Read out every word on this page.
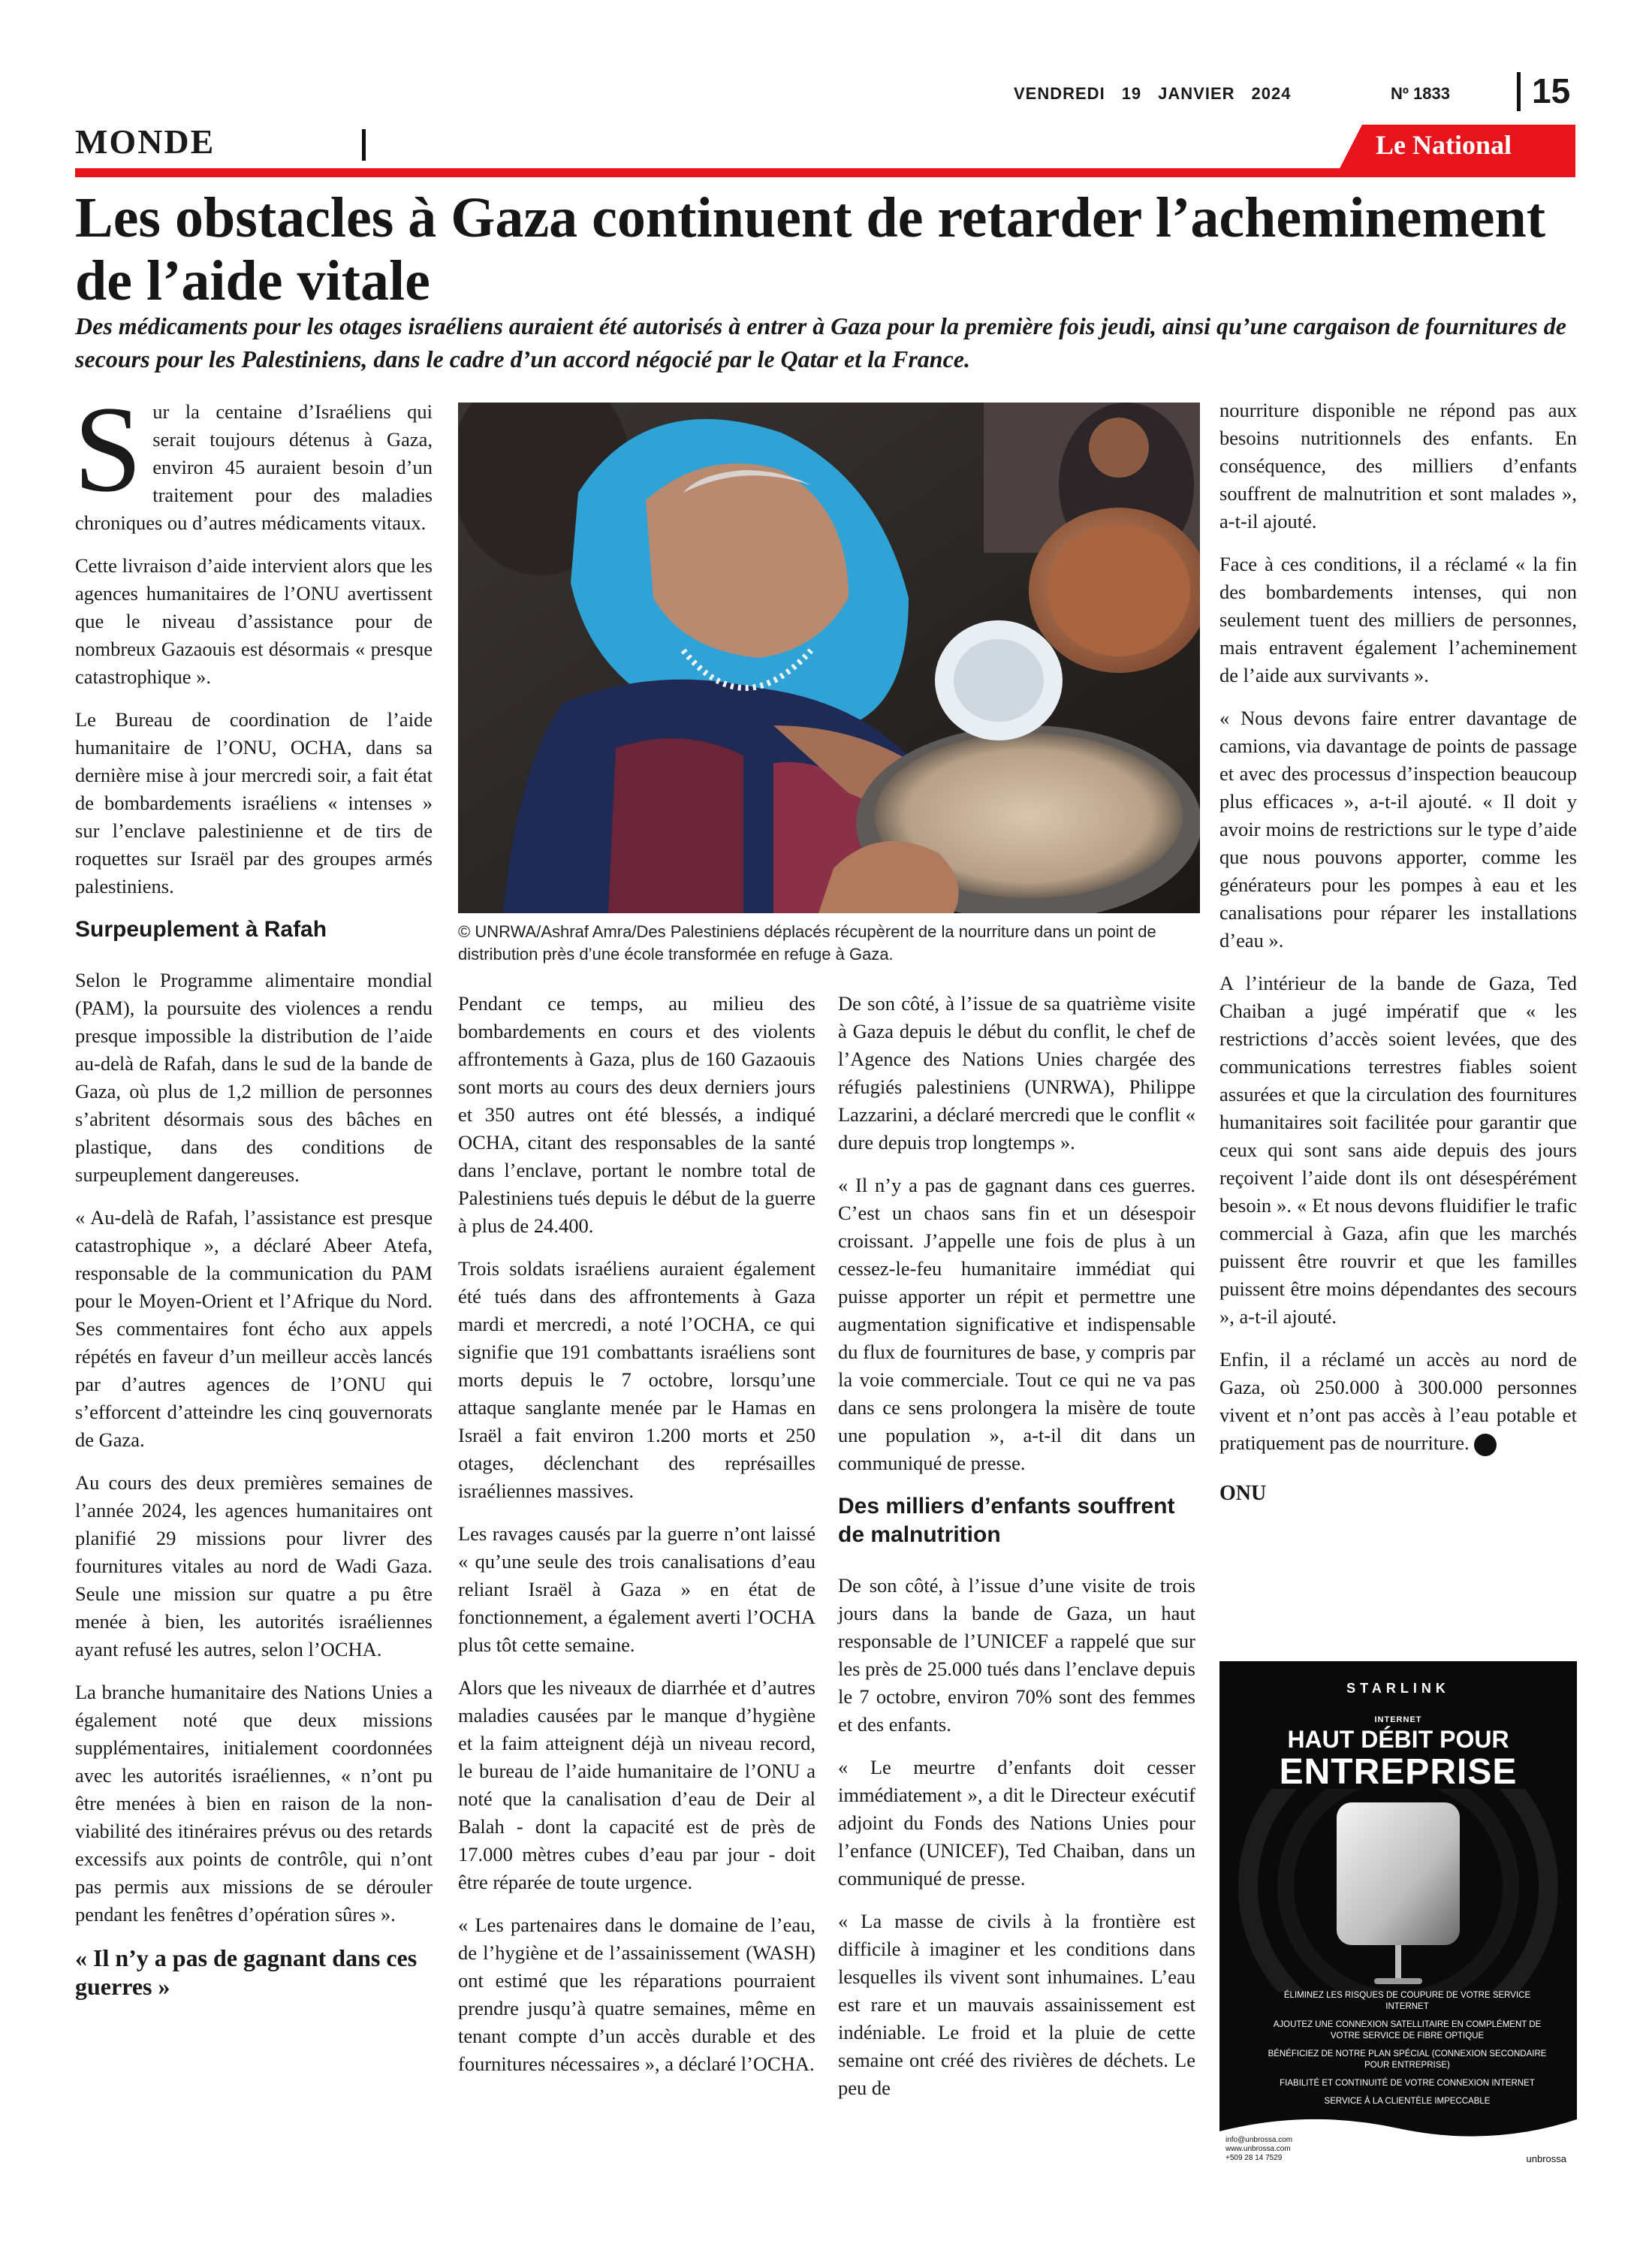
VENDREDI 19 JANVIER 2024	Nº 1833 15
MONDE	Le National
Les obstacles à Gaza continuent de retarder l’acheminement de l’aide vitale

Des médicaments pour les otages israéliens auraient été autorisés à entrer à Gaza pour la première fois jeudi, ainsi qu’une cargaison de fournitures de secours pour les Palestiniens, dans le cadre d’un accord négocié par le Qatar et la France.

Sur la centaine d’Israéliens qui serait toujours détenus à Gaza, environ 45 auraient besoin d’un traitement pour des maladies chroniques ou d’autres médicaments vitaux.

Cette livraison d’aide intervient alors que les agences humanitaires de l’ONU avertissent que le niveau d’assistance pour de nombreux Gazaouis est désormais « presque catastrophique ».

Le Bureau de coordination de l’aide humanitaire de l’ONU, OCHA, dans sa dernière mise à jour mercredi soir, a fait état de bombardements israéliens « intenses » sur l’enclave palestinienne et de tirs de roquettes sur Israël par des groupes armés palestiniens.

Surpeuplement à Rafah

Selon le Programme alimentaire mondial (PAM), la poursuite des violences a rendu presque impossible la distribution de l’aide au-delà de Rafah, dans le sud de la bande de Gaza, où plus de 1,2 million de personnes s’abritent désormais sous des bâches en plastique, dans des conditions de surpeuplement dangereuses.

« Au-delà de Rafah, l’assistance est presque catastrophique », a déclaré Abeer Atefa, responsable de la communication du PAM pour le Moyen-Orient et l’Afrique du Nord. Ses commentaires font écho aux appels répétés en faveur d’un meilleur accès lancés par d’autres agences de l’ONU qui s’efforcent d’atteindre les cinq gouvernorats de Gaza.

Au cours des deux premières semaines de l’année 2024, les agences humanitaires ont planifié 29 missions pour livrer des fournitures vitales au nord de Wadi Gaza. Seule une mission sur quatre a pu être menée à bien, les autorités israéliennes ayant refusé les autres, selon l’OCHA.

La branche humanitaire des Nations Unies a également noté que deux missions supplémentaires, initialement coordonnées avec les autorités israéliennes, « n’ont pu être menées à bien en raison de la non-viabilité des itinéraires prévus ou des retards excessifs aux points de contrôle, qui n’ont pas permis aux missions de se dérouler pendant les fenêtres d’opération sûres ».

« Il n’y a pas de gagnant dans ces guerres »
© UNRWA/Ashraf Amra/Des Palestiniens déplacés récupèrent de la nourriture dans un point de distribution près d’une école transformée en refuge à Gaza.

Pendant ce temps, au milieu des bombardements en cours et des violents affrontements à Gaza, plus de 160 Gazaouis sont morts au cours des deux derniers jours et 350 autres ont été blessés, a indiqué OCHA, citant des responsables de la santé dans l’enclave, portant le nombre total de Palestiniens tués depuis le début de la guerre à plus de 24.400.

Trois soldats israéliens auraient également été tués dans des affrontements à Gaza mardi et mercredi, a noté l’OCHA, ce qui signifie que 191 combattants israéliens sont morts depuis le 7 octobre, lorsqu’une attaque sanglante menée par le Hamas en Israël a fait environ 1.200 morts et 250 otages, déclenchant des représailles israéliennes massives.

Les ravages causés par la guerre n’ont laissé « qu’une seule des trois canalisations d’eau reliant Israël à Gaza » en état de fonctionnement, a également averti l’OCHA plus tôt cette semaine.

Alors que les niveaux de diarrhée et d’autres maladies causées par le manque d’hygiène et la faim atteignent déjà un niveau record, le bureau de l’aide humanitaire de l’ONU a noté que la canalisation d’eau de Deir al Balah - dont la capacité est de près de 17.000 mètres cubes d’eau par jour - doit être réparée de toute urgence.

« Les partenaires dans le domaine de l’eau, de l’hygiène et de l’assainissement (WASH) ont estimé que les réparations pourraient prendre jusqu’à quatre semaines, même en tenant compte d’un accès durable et des fournitures nécessaires », a déclaré l’OCHA.

De son côté, à l’issue de sa quatrième visite à Gaza depuis le début du conflit, le chef de l’Agence des Nations Unies chargée des réfugiés palestiniens (UNRWA), Philippe Lazzarini, a déclaré mercredi que le conflit « dure depuis trop longtemps ».

« Il n’y a pas de gagnant dans ces guerres. C’est un chaos sans fin et un désespoir croissant. J’appelle une fois de plus à un cessez-le-feu humanitaire immédiat qui puisse apporter un répit et permettre une augmentation significative et indispensable du flux de fournitures de base, y compris par la voie commerciale. Tout ce qui ne va pas dans ce sens prolongera la misère de toute une population », a-t-il dit dans un communiqué de presse.

Des milliers d’enfants souffrent de malnutrition

De son côté, à l’issue d’une visite de trois jours dans la bande de Gaza, un haut responsable de l’UNICEF a rappelé que sur les près de 25.000 tués dans l’enclave depuis le 7 octobre, environ 70% sont des femmes et des enfants.

« Le meurtre d’enfants doit cesser immédiatement », a dit le Directeur exécutif adjoint du Fonds des Nations Unies pour l’enfance (UNICEF), Ted Chaiban, dans un communiqué de presse.

« La masse de civils à la frontière est difficile à imaginer et les conditions dans lesquelles ils vivent sont inhumaines. L’eau est rare et un mauvais assainissement est indéniable. Le froid et la pluie de cette semaine ont créé des rivières de déchets. Le peu de

nourriture disponible ne répond pas aux besoins nutritionnels des enfants. En conséquence, des milliers d’enfants souffrent de malnutrition et sont malades », a-t-il ajouté.

Face à ces conditions, il a réclamé « la fin des bombardements intenses, qui non seulement tuent des milliers de personnes, mais entravent également l’acheminement de l’aide aux survivants ».

« Nous devons faire entrer davantage de camions, via davantage de points de passage et avec des processus d’inspection beaucoup plus efficaces », a-t-il ajouté. « Il doit y avoir moins de restrictions sur le type d’aide que nous pouvons apporter, comme les générateurs pour les pompes à eau et les canalisations pour réparer les installations d’eau ».

A l’intérieur de la bande de Gaza, Ted Chaiban a jugé impératif que « les restrictions d’accès soient levées, que des communications terrestres fiables soient assurées et que la circulation des fournitures humanitaires soit facilitée pour garantir que ceux qui sont sans aide depuis des jours reçoivent l’aide dont ils ont désespérément besoin ». « Et nous devons fluidifier le trafic commercial à Gaza, afin que les marchés puissent être rouvrir et que les familles puissent être moins dépendantes des secours », a-t-il ajouté.

Enfin, il a réclamé un accès au nord de Gaza, où 250.000 à 300.000 personnes vivent et n’ont pas accès à l’eau potable et pratiquement pas de nourriture.

ONU

STARLINK
INTERNET
HAUT DÉBIT POUR
ENTREPRISE
ÉLIMINEZ LES RISQUES DE COUPURE DE VOTRE SERVICE INTERNET
AJOUTEZ UNE CONNEXION SATELLITAIRE EN COMPLÉMENT DE VOTRE SERVICE DE FIBRE OPTIQUE
BÉNÉFICIEZ DE NOTRE PLAN SPÉCIAL (CONNEXION SECONDAIRE POUR ENTREPRISE)
FIABILITÉ ET CONTINUITÉ DE VOTRE CONNEXION INTERNET
SERVICE À LA CLIENTÈLE IMPECCABLE
info@unbrossa.com
www.unbrossa.com
+509 28 14 7529	unbrossa
